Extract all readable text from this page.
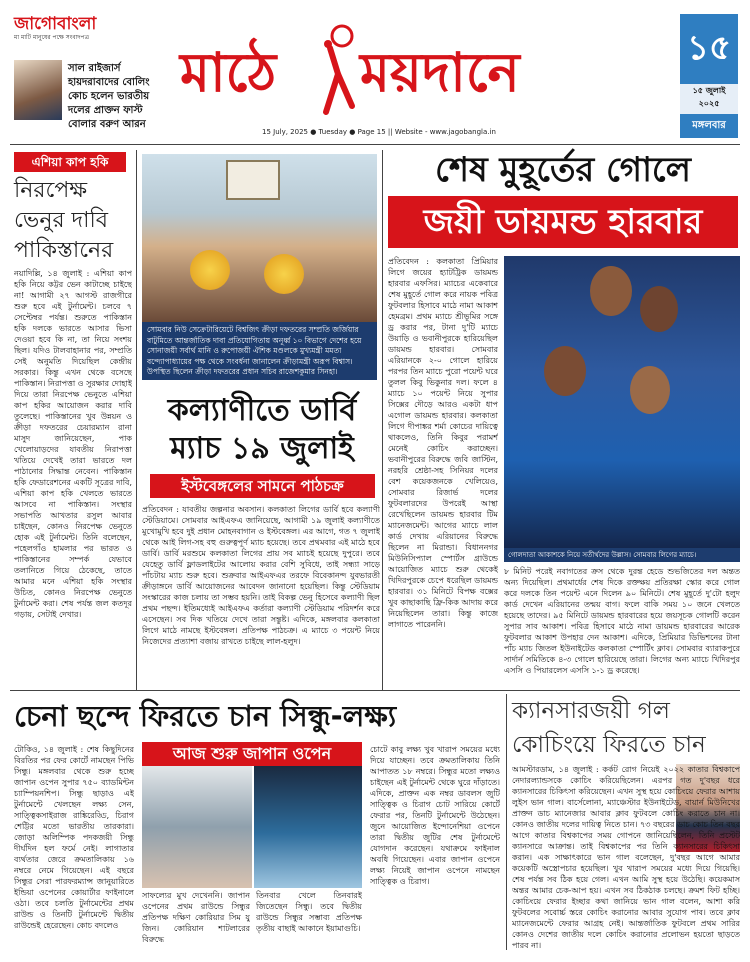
জাগোবাংলা
মা মাটি মানুষের পক্ষে সংবাদপত্র
সাল রাইজার্স হায়দরাবাদের বোলিং কোচ হলেন ভারতীয় দলের প্রাক্তন ফাস্ট বোলার বরুণ আরন
মাঠে ময়দানে
15 July, 2025 ● Tuesday ● Page 15 || Website - www.jagobangla.in
১৫
১৫ জুলাই
২০২৫
মঙ্গলবার
এশিয়া কাপ হকি
নিরপেক্ষ ভেনুর দাবি পাকিস্তানের
নয়াদিল্লি, ১৪ জুলাই : এশিয়া কাপ হকি নিয়ে কট্টর ভেন কাটাচ্ছে চাইছে না! আগামী ২৭ আগস্ট রাজগীরে শুরু হবে এই টুর্নামেন্ট। চলবে ৭ সেপ্টেম্বর পর্যন্ত। শুরুতে পাকিস্তান হকি দলকে ভারতে আসার ভিসা দেওয়া হবে কি না, তা নিয়ে সংশয় ছিল। যদিও টালবাহানার পর, সম্প্রতি সেই অনুমতি দিয়েছিল কেন্দ্রীয় সরকার। কিন্তু এখন থেকে বসেছে পাকিস্তান। নিরাপত্তা ও সুরক্ষার দোহাই দিয়ে তারা নিরপেক্ষ ভেনুতে এশিয়া কাপ হকির আয়োজন করার দাবি তুলেছে। পাকিস্তানের খুব উন্নয়ন ও ক্রীড়া দফতরের চেয়ারম্যান রানা মাসুদ জানিয়েছেন, পাক খেলোয়াড়দের যাবতীয় নিরাপত্তা খতিয়ে দেখেই তারা ভারতে দল পাঠানোর সিদ্ধান্ত নেবেন। পাকিস্তান হকি ফেডারেশনের একটি সূত্রের দাবি, এশিয়া কাপ হকি খেলতে ভারতে আসবে না পাকিস্তান। সংস্থার সভাপতি আখতার রসুল আবার চাইছেন, কোনও নিরপেক্ষ ভেনুতে হোক এই টুর্নামেন্ট। তিনি বলেছেন, পহেলগাঁও হামলার পর ভারত ও পাকিস্তানের সম্পর্ক যেভাবে তলানিতে গিয়ে ঠেকেছে, তাতে আমার মনে এশিয়া হকি সংস্থার উচিত, কোনও নিরপেক্ষ ভেনুতে টুর্নামেন্ট করা। শেষ পর্যন্ত জল কতদূর গড়ায়, সেটাই দেখার।
সোমবার নিউ সেক্রেটারিয়েটে বিশ্বজিৎ ক্রীড়া দফতরের সম্প্রতি জর্জিয়ার বাটুমিতে আন্তর্জাতিক দাবা প্রতিযোগিতায় অনূর্ধ্ব ১০ বিভাগে দেশের হয়ে সোনাজয়ী সর্বার্থ মানি ও রুপোজয়ী ঐশিক মণ্ডলকে মুখ্যমন্ত্রী মমতা বন্দ্যোপাধ্যায়ের পক্ষ থেকে সংবর্ধনা জানালেন ক্রীড়ামন্ত্রী অরূপ বিশ্বাস। উপস্থিত ছিলেন ক্রীড়া দফতরের প্রধান সচিব রাজেশকুমার সিনহা।
কল্যাণীতে ডার্বি ম্যাচ ১৯ জুলাই
ইস্টবেঙ্গলের সামনে পাঠচক্র
প্রতিবেদন : যাবতীয় জল্পনার অবসান। কলকাতা লিগের ডার্বি হবে কল্যাণী স্টেডিয়ামে। সোমবার আইএফএ জানিয়েছে, আগামী ১৯ জুলাই কল্যাণীতে মুখোমুখি হবে দুই প্রধান মোহনবাগান ও ইস্টবেঙ্গল। এর আগে, গত ৭ জুলাই থেকে আই লিগ-সহ বহু গুরুত্বপূর্ণ ম্যাচ হয়েছে। তবে প্রথমবার এই মাঠে হবে ডার্বি। ডার্বি মরশুমে কলকাতা লিগের প্রায় সব ম্যাচই হয়েছে দুপুরে। তবে যেহেতু ডার্বি ফ্লাডলাইটের আলোয় করার বেশি সুবিধে, তাই সন্ধ্যা সাড়ে পাঁচটায় ম্যাচ শুরু হবে। শুক্রবার আইএফএর তরফে বিবেকানন্দ যুবভারতী ক্রীড়াঙ্গনে ডার্বি আয়োজনের আবেদন জানানো হয়েছিল। কিন্তু স্টেডিয়াম সংস্কারের কাজ চলায় তা সম্ভব হয়নি। তাই বিকল্প ভেনু হিসেবে কল্যাণী ছিল প্রথম পছন্দ। ইতিমধ্যেই আইএফএ কর্তারা কল্যাণী স্টেডিয়াম পরিদর্শন করে এসেছেন। সব দিক খতিয়ে দেখে তারা সন্তুষ্ট। এদিকে, মঙ্গলবার কলকাতা লিগে মাঠে নামছে ইস্টবেঙ্গল। প্রতিপক্ষ পাঠচক্র। এ ম্যাচে ৩ পয়েন্ট নিয়ে নিজেদের প্রত্যাশা বজায় রাখতে চাইছে লাল-হলুদ।
শেষ মুহূর্তের গোলে
জয়ী ডায়মন্ড হারবার
প্রতিবেদন : কলকাতা প্রিমিয়ার লিগে জয়ের হ্যাটট্রিক ডায়মন্ড হারবার এফসির। ম্যাচের একেবারে শেষ মুহূর্তে গোল করে নায়ক পবিত্র ফুটবলার হিসাবে মাঠে নামা আকাশ হেমব্রম। প্রথম ম্যাচে শ্রীভূমির সঙ্গে ড্র করার পর, টানা দু'টি ম্যাচে উয়াড়ি ও ভবানীপুরকে হারিয়েছিল ডায়মন্ড হারবার। সোমবার এরিয়ানকে ২-০ গোলে হারিয়ে পরপর তিন ম্যাচে পুরো পয়েন্ট ঘরে তুলল কিবু ভিকুনার দল। ফলে ৪ ম্যাচে ১০ পয়েন্ট নিয়ে সুপার সিক্সের দৌড়ে আরও একটা ধাপ এগোল ডায়মন্ড হারবার। কলকাতা লিগে দীপাঙ্কর শর্মা কোচের দায়িত্বে থাকলেও, তিনি কিবুর পরামর্শ মেনেই কোচিং করাচ্ছেন। ভবানীপুরের বিরুদ্ধে জবি জাস্টিন, নরহরি শ্রেষ্ঠা-সহ সিনিয়র দলের বেশ কয়েকজনকে খেলিয়েও, সোমবার রিজার্ভ দলের ফুটবলারদের উপরেই আস্থা রেখেছিলেন ডায়মন্ড হারবার টিম ম্যানেজমেন্ট। আগের ম্যাচে লাল কার্ড দেখায় এরিয়ানের বিরুদ্ধে ছিলেন না মিরান্ডা। বিধাননগর মিউনিসিপ্যাল স্পোর্টস গ্রাউন্ডে আয়োজিত ম্যাচে শুরু থেকেই খিদিরপুরকে চেপে ধরেছিল ডায়মন্ড হারবার। ৩১ মিনিটে বিপক্ষ বক্সের খুব কাছাকাছি ফ্রি-কিক আদায় করে নিয়েছিলেন তারা। কিন্তু কাজে লাগাতে পারেননি।
গোলদাতা আকাশকে নিয়ে সতীর্থদের উল্লাস। সোমবার লিগের ম্যাচে।
৮ মিনিট পরেই নবাগতের ক্রস থেকে দুরন্ত হেডে শুভজিতের দল অন্তত অন্য দিয়েছিল। প্রথমার্ধের শেষ দিকে রক্তক্ষয় প্রতিরক্ষা স্কোর করে গোল করে দলকে তিন পয়েন্ট এনে দিলেন ৯০ মিনিটে। শেষ মুহূর্তে দু'টো হলুদ কার্ড দেখেন এরিয়ানের তন্ময় বাগ। ফলে বাকি সময় ১০ জনে খেলতে হয়েছে তাদের। ৯৫ মিনিটে ডায়মন্ড হারবারের হয়ে জয়সূচক গোলটি করেন সুপার সাব আকাশ। পবিত্র হিসাবে মাঠে নামা ডায়মন্ড হারবারের আরেক ফুটবলার আকাশ উপহার দেন আকাশ। এদিকে, প্রিমিয়ার ডিভিশনের টানা পাঁচ ম্যাচ জিতল ইউনাইটেড কলকাতা স্পোর্টিং ক্লাব। সোমবার ব্যারাকপুরে সার্দার্ন সমিতিকে ৪-৩ গোলে হারিয়েছে তারা। লিগের অন্য ম্যাচে খিদিরপুর এসসি ও পিয়ারলেস এসসি ১-১ ড্র করেছে।
চেনা ছন্দে ফিরতে চান সিন্ধু-লক্ষ্য
টোকিও, ১৪ জুলাই : শেষ কিছুদিনের বিরতির পর ফের কোর্টে নামছেন পিভি সিন্ধু। মঙ্গলবার থেকে শুরু হচ্ছে জাপান ওপেন সুপার ৭৫০ ব্যাডমিন্টন চ্যাম্পিয়নশিপ। সিন্ধু ছাড়াও এই টুর্নামেন্টে খেলছেন লক্ষ্য সেন, সাত্ত্বিকসাইরাজ রাঙ্কিরেড্ডি, চিরাগ শেট্টির মতো ভারতীয় তারকারা। জোড়া অলিম্পিক পদকজয়ী সিন্ধু দীর্ঘদিন হল ফর্মে নেই। লাগাতার ব্যর্থতার জেরে ক্রমতালিকায় ১৬ নম্বরে নেমে গিয়েছেন। এই বছরে সিন্ধুর সেরা পারফরম্যান্স জানুয়ারিতে ইন্ডিয়া ওপেনের কোয়ার্টার ফাইনালে ওঠা। তবে চলতি টুর্নামেন্টের প্রথম রাউন্ড ও তিনটি টুর্নামেন্টে দ্বিতীয় রাউন্ডেই হেরেছেন। কোচ বদলেও
আজ শুরু জাপান ওপেন
সাফল্যের মুখ দেখেননি। জাপান ওপেনের প্রথম রাউন্ডে সিন্ধুর প্রতিপক্ষ দক্ষিণ কোরিয়ার সিম যু জিন। কোরিয়ান শাটলারের বিরুদ্ধে
তিনবার খেলে তিনবারই জিতেছেন সিন্ধু। তবে দ্বিতীয় রাউন্ডে সিন্ধুর সম্ভাব্য প্রতিপক্ষ তৃতীয় বাছাই আকানে ইয়ামাগুচি।
চোটে কাবু লক্ষ্য খুব খারাপ সময়ের মধ্যে দিয়ে যাচ্ছেন। তবে ক্রমতালিকায় তিনি আপাতত ১৮ নম্বরে। সিন্ধুর মতো লক্ষ্যও চাইছেন এই টুর্নামেন্ট থেকে ঘুরে দাঁড়াতে। এদিকে, প্রাক্তন এক নম্বর ডাবলস জুটি সাত্ত্বিক ও চিরাগ চোট সারিয়ে কোর্টে ফেরার পর, তিনটি টুর্নামেন্টে উঠেছেন। জুনে আয়োজিত ইন্দোনেশিয়া ওপেনে তারা দ্বিতীয় জুটির শেষ টুর্নামেন্টে যোগদান করেছেন। যথাক্রমে ফাইনাল অবধি গিয়েছেন। এবার জাপান ওপেনে লক্ষ্য নিয়েই জাপান ওপেনে নামছেন সাত্ত্বিক ও চিরাগ।
ক্যানসারজয়ী গল
কোচিংয়ে ফিরতে চান
আমস্টারডাম, ১৪ জুলাই : কর্কট রোগ নিয়েই ২০২২ কাতার বিশ্বকাপে নেদারল্যান্ডসকে কোচিং করিয়েছিলেন। এরপর গত দু'বছর ধরে ক্যানসারের চিকিৎসা করিয়েছেন। এখন সুস্থ হয়ে কোচিংয়ে ফেরার আশায় লুইস ভান গাল। বার্সেলোনা, ম্যাঞ্চেস্টার ইউনাইটেড, বায়ার্ন মিউনিখের প্রাক্তন ডাচ ম্যানেজার আবার ক্লাব ফুটবলে কোচিং করাতে চান না। কোনও জাতীয় দলের দায়িত্ব নিতে চান। ৭৩ বছরের ডাচ কোচ তিন বছর আগে কাতার বিশ্বকাপের সময় গোপনে জানিয়েছিলেন, তিনি প্রস্টেট ক্যানসারে আক্রান্ত। তাই বিশ্বকাপের পর তিনি ক্যানসারের চিকিৎসা করান। এক সাক্ষাৎকারে ভান গাল বলেছেন, দু'বছর আগে আমার কয়েকটি অস্ত্রোপচার হয়েছিল। খুব খারাপ সময়ের মধ্যে দিয়ে গিয়েছি। শেষ পর্যন্ত সব ঠিক হয়ে গেল। এখন আমি সুস্থ হয়ে উঠেছি। কয়েকমাস অন্তর আমার চেক-আপ হয়। এখন সব ঠিকঠাক চলছে। ক্রমশ ফিট হচ্ছি। কোচিংয়ে ফেরার ইচ্ছার কথা জানিয়ে ভান গাল বলেন, আশা করি ফুটবলের সবোর্চ্চ স্তরে কোচিং করানোর আবার সুযোগ পাব। তবে ক্লাব ম্যানেজমেন্টে ফেরার আগ্রহ নেই। আন্তর্জাতিক ফুটবলে প্রথম সারির কোনও দেশের জাতীয় দলে কোচিং করানোর প্রলোভন হয়তো ছাড়তে পারব না।
